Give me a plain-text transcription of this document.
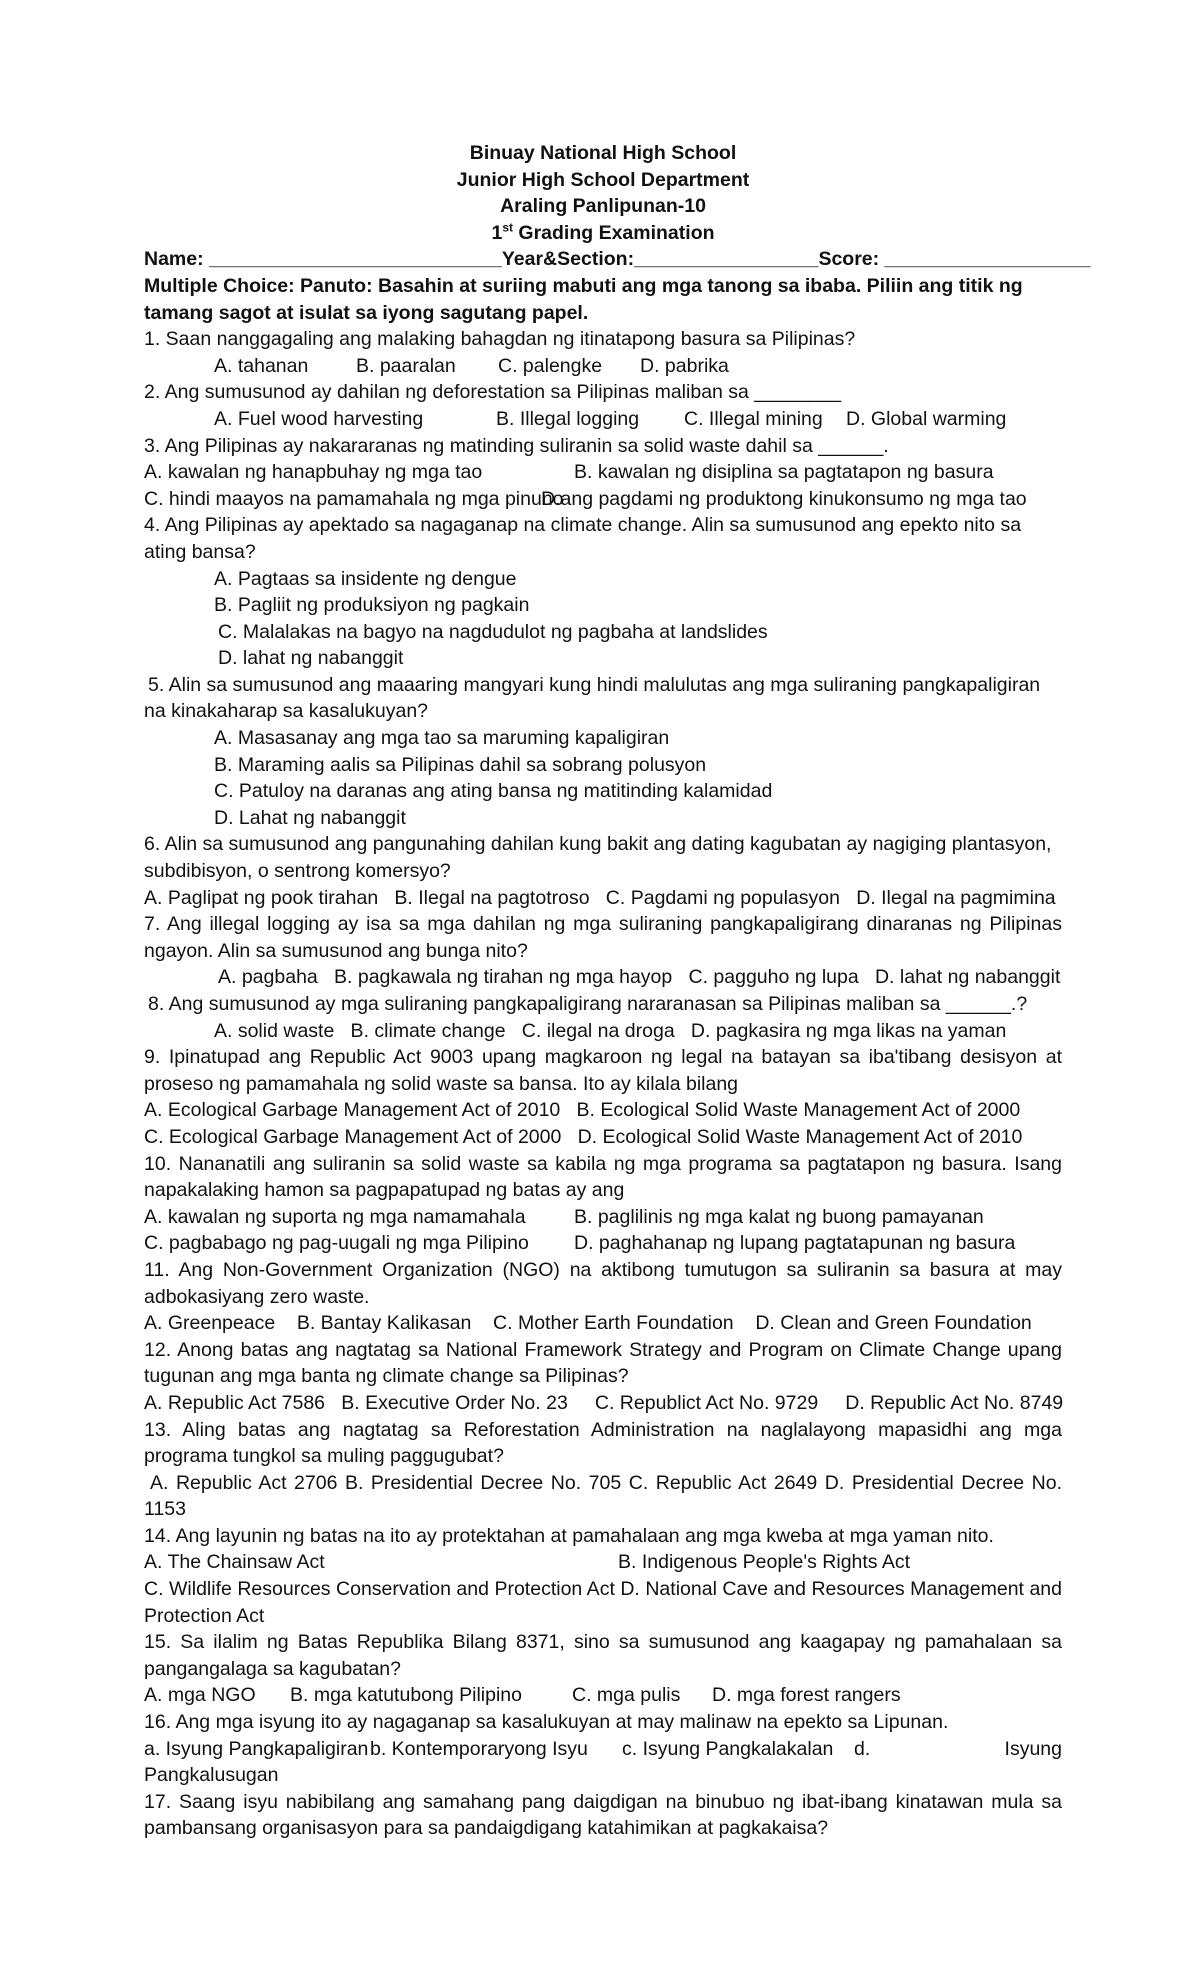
Binuay National High School
Junior High School Department
Araling Panlipunan-10
1st Grading Examination
Name: ___________________________ Year&Section:_________________ Score: ___________________
Multiple Choice: Panuto: Basahin at suriing mabuti ang mga tanong sa ibaba. Piliin ang titik ng tamang sagot at isulat sa iyong sagutang papel.
1. Saan nanggagaling ang malaking bahagdan ng itinatapong basura sa Pilipinas?
A. tahanan B. paaralan C. palengke D. pabrika
2. Ang sumusunod ay dahilan ng deforestation sa Pilipinas maliban sa ________
A. Fuel wood harvesting	B. Illegal logging C. Illegal mining D. Global warming
3. Ang Pilipinas ay nakararanas ng matinding suliranin sa solid waste dahil sa ______.
A. kawalan ng hanapbuhay ng mga tao	B. kawalan ng disiplina sa pagtatapon ng basura
C. hindi maayos na pamamahala ng mga pinunoD.ang pagdami ng produktong kinukonsumo ng mga tao
4. Ang Pilipinas ay apektado sa nagaganap na climate change. Alin sa sumusunod ang epekto nito sa ating bansa?
A. Pagtaas sa insidente ng dengue
B. Pagliit ng produksiyon ng pagkain
C. Malalakas na bagyo na nagdudulot ng pagbaha at landslides
D. lahat ng nabanggit
5. Alin sa sumusunod ang maaaring mangyari kung hindi malulutas ang mga suliraning pangkapaligiran na kinakaharap sa kasalukuyan?
A. Masasanay ang mga tao sa maruming kapaligiran
B. Maraming aalis sa Pilipinas dahil sa sobrang polusyon
C. Patuloy na daranas ang ating bansa ng matitinding kalamidad
D. Lahat ng nabanggit
6. Alin sa sumusunod ang pangunahing dahilan kung bakit ang dating kagubatan ay nagiging plantasyon, subdibisyon, o sentrong komersyo?
A. Paglipat ng pook tirahan   B. Ilegal na pagtotroso   C. Pagdami ng populasyon   D. Ilegal na pagmimina
7. Ang illegal logging ay isa sa mga dahilan ng mga suliraning pangkapaligirang dinaranas ng Pilipinas ngayon. Alin sa sumusunod ang bunga nito?
A. pagbaha   B. pagkawala ng tirahan ng mga hayop   C. pagguho ng lupa   D. lahat ng nabanggit
8. Ang sumusunod ay mga suliraning pangkapaligirang nararanasan sa Pilipinas maliban sa ______.?
A. solid waste   B. climate change   C. ilegal na droga   D. pagkasira ng mga likas na yaman
9. Ipinatupad ang Republic Act 9003 upang magkaroon ng legal na batayan sa iba'tibang desisyon at proseso ng pamamahala ng solid waste sa bansa. Ito ay kilala bilang
A. Ecological Garbage Management Act of 2010   B. Ecological Solid Waste Management Act of 2000
C. Ecological Garbage Management Act of 2000   D. Ecological Solid Waste Management Act of 2010
10. Nananatili ang suliranin sa solid waste sa kabila ng mga programa sa pagtatapon ng basura. Isang napakalaking hamon sa pagpapatupad ng batas ay ang
A. kawalan ng suporta ng mga namamahala B. paglilinis ng mga kalat ng buong pamayanan
C. pagbabago ng pag-uugali ng mga Pilipino D. paghahanap ng lupang pagtatapunan ng basura
11. Ang Non-Government Organization (NGO) na aktibong tumutugon sa suliranin sa basura at may adbokasiyang zero waste.
A. Greenpeace    B. Bantay Kalikasan    C. Mother Earth Foundation    D. Clean and Green Foundation
12. Anong batas ang nagtatag sa National Framework Strategy and Program on Climate Change upang tugunan ang mga banta ng climate change sa Pilipinas?
A. Republic Act 7586   B. Executive Order No. 23     C. Republict Act No. 9729     D. Republic Act No. 8749
13. Aling batas ang nagtatag sa Reforestation Administration na naglalayong mapasidhi ang mga programa tungkol sa muling paggugubat?
A. Republic Act 2706 B. Presidential Decree No. 705 C. Republic Act 2649 D. Presidential Decree No. 1153
14. Ang layunin ng batas na ito ay protektahan at pamahalaan ang mga kweba at mga yaman nito.
A. The Chainsaw Act	B. Indigenous People's Rights Act
C. Wildlife Resources Conservation and Protection Act D. National Cave and Resources Management and Protection Act
15. Sa ilalim ng Batas Republika Bilang 8371, sino sa sumusunod ang kaagapay ng pamahalaan sa pangangalaga sa kagubatan?
A. mga NGO B. mga katutubong Pilipino	C. mga pulis D. mga forest rangers
16. Ang mga isyung ito ay nagaganap sa kasalukuyan at may malinaw na epekto sa Lipunan.
a. Isyung Pangkapaligiran b. Kontemporaryong Isyu	c. Isyung Pangkalakalan	d.	Isyung
Pangkalusugan
17. Saang isyu nabibilang ang samahang pang daigdigan na binubuo ng ibat-ibang kinatawan mula sa pambansang organisasyon para sa pandaigdigang katahimikan at pagkakaisa?
